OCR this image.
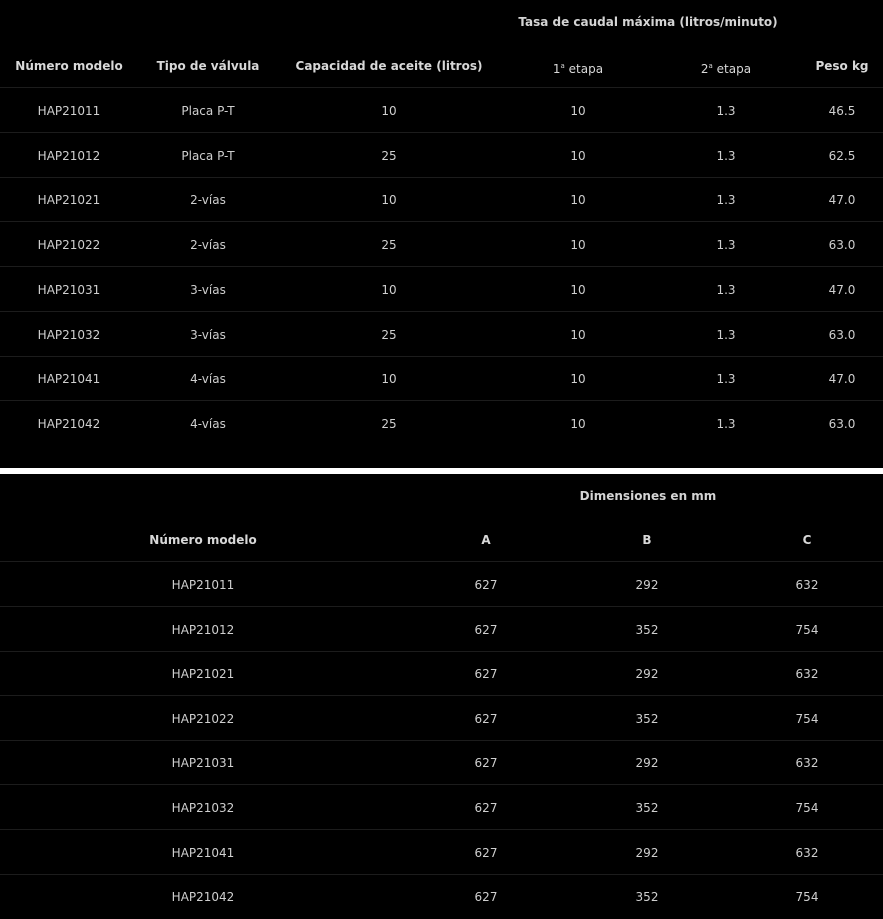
Tasa de caudal máxima (litros/minuto)
Número modelo	Tipo de válvula	Capacidad de aceite (litros)	1$^a$ etapa	2$^a$ etapa	Peso kg
HAP21011	Placa P-T	10	10	1.3	46.5
HAP21012	Placa P-T	25	10	1.3	62.5
HAP21021	2-vías	10	10	1.3	47.0
HAP21022	2-vías	25	10	1.3	63.0
HAP21031	3-vías	10	10	1.3	47.0
HAP21032	3-vías	25	10	1.3	63.0
HAP21041	4-vías	10	10	1.3	47.0
HAP21042	4-vías	25	10	1.3	63.0
Dimensiones en mm
Número modelo	A	B	C
HAP21011	627	292	632
HAP21012	627	352	754
HAP21021	627	292	632
HAP21022	627	352	754
HAP21031	627	292	632
HAP21032	627	352	754
HAP21041	627	292	632
HAP21042	627	352	754
